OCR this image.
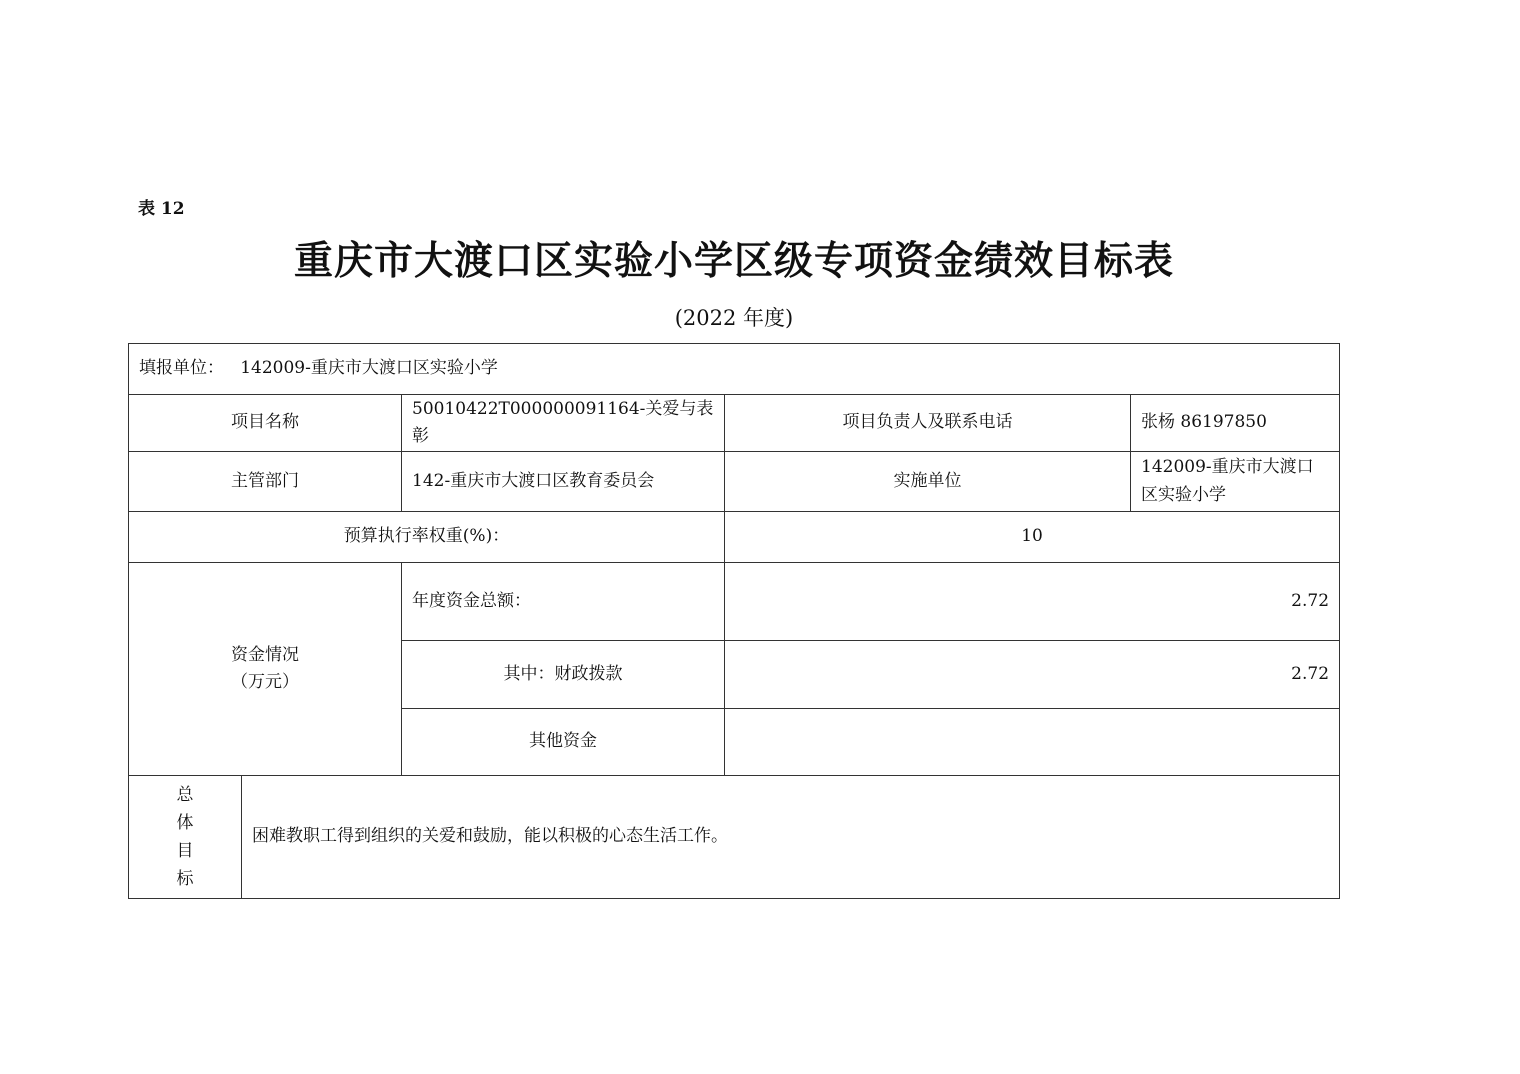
表 12
重庆市大渡口区实验小学区级专项资金绩效目标表
(2022 年度)
填报单位： 142009-重庆市大渡口区实验小学				
项目名称		50010422T000000091164-关爱与表彰	项目负责人及联系电话	张杨 86197850
主管部门		142-重庆市大渡口区教育委员会	实施单位	142009-重庆市大渡口区实验小学
预算执行率权重(%)：			10	

资金情况
（万元）		年度资金总额：	2.72	
		其中：财政拨款	2.72	
		其他资金		

总
体
目
标	困难教职工得到组织的关爱和鼓励，能以积极的心态生活工作。			
